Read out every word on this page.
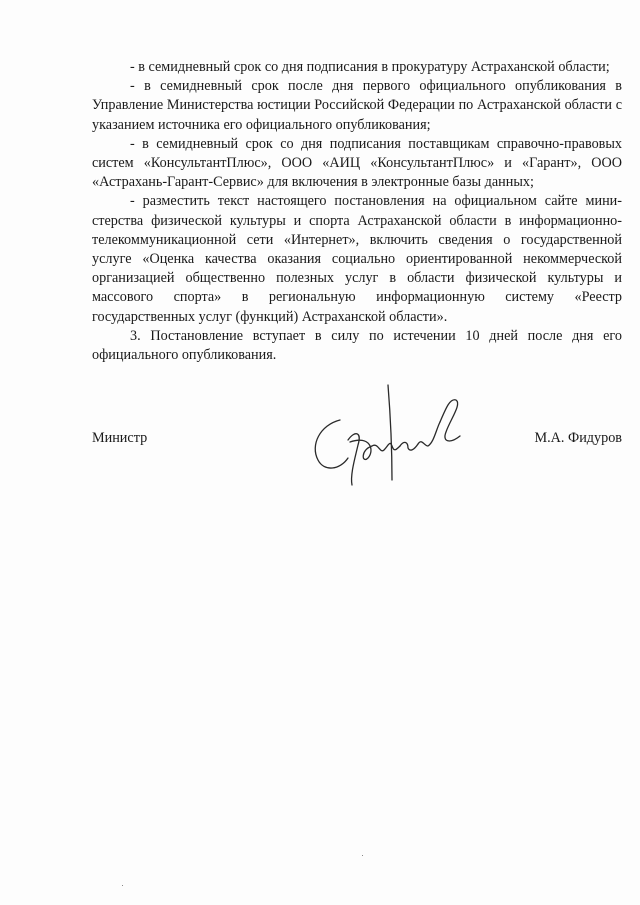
- в семидневный срок со дня подписания в прокуратуру Астраханской области;

- в семидневный срок после дня первого официального опубликования в Управление Министерства юстиции Российской Федерации по Астраханской области с указанием источника его официального опубликования;

- в семидневный срок со дня подписания поставщикам справочно-правовых систем «КонсультантПлюс», ООО «АИЦ «КонсультантПлюс» и «Гарант», ООО «Астрахань-Гарант-Сервис» для включения в электронные базы данных;

- разместить текст настоящего постановления на официальном сайте министерства физической культуры и спорта Астраханской области в информационно-телекоммуникационной сети «Интернет», включить сведения о государственной услуге «Оценка качества оказания социально ориентированной некоммерческой организацией общественно полезных услуг в области физической культуры и массового спорта» в региональную информационную систему «Реестр государственных услуг (функций) Астраханской области».

3. Постановление вступает в силу по истечении 10 дней после дня его официального опубликования.

Министр	М.А. Фидуров
